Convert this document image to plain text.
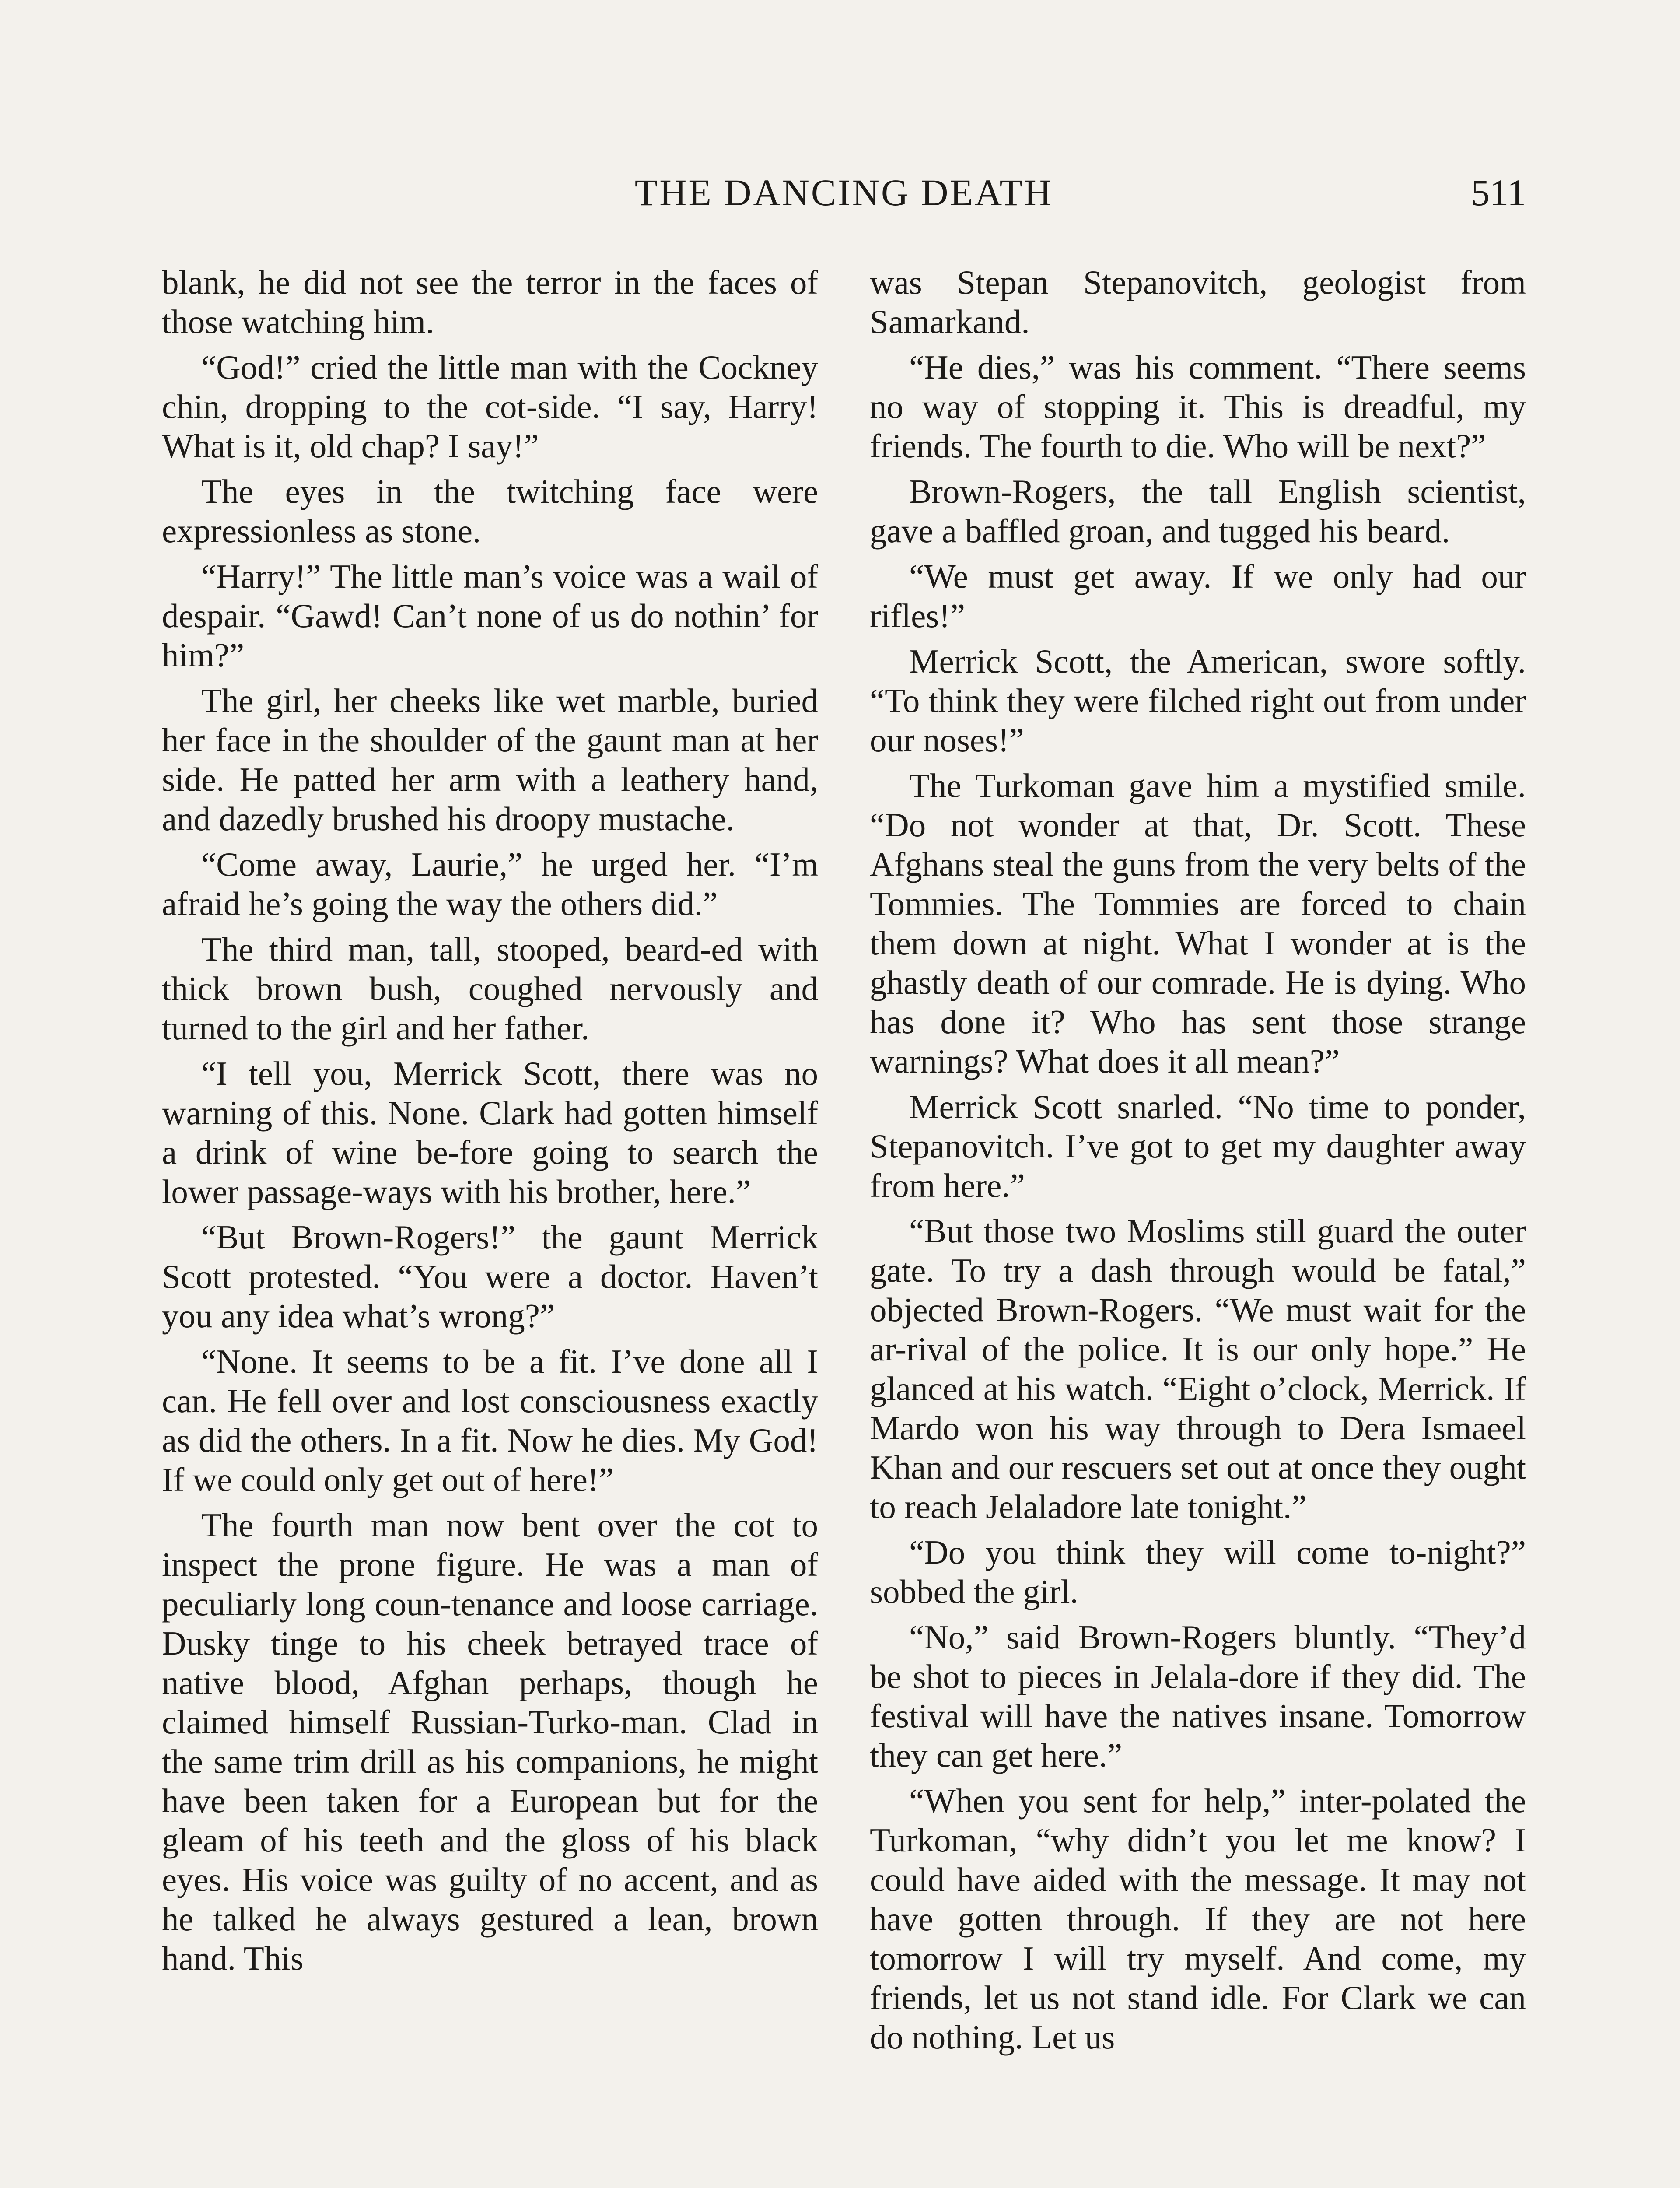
THE DANCING DEATH	511

blank, he did not see the terror in the faces of those watching him.

“God!” cried the little man with the Cockney chin, dropping to the cot-side. “I say, Harry! What is it, old chap? I say!”

The eyes in the twitching face were expressionless as stone.

“Harry!” The little man’s voice was a wail of despair. “Gawd! Can’t none of us do nothin’ for him?”

The girl, her cheeks like wet marble, buried her face in the shoulder of the gaunt man at her side. He patted her arm with a leathery hand, and dazedly brushed his droopy mustache.

“Come away, Laurie,” he urged her. “I’m afraid he’s going the way the others did.”

The third man, tall, stooped, beard-ed with thick brown bush, coughed nervously and turned to the girl and her father.

“I tell you, Merrick Scott, there was no warning of this. None. Clark had gotten himself a drink of wine be-fore going to search the lower passage-ways with his brother, here.”

“But Brown-Rogers!” the gaunt Merrick Scott protested. “You were a doctor. Haven’t you any idea what’s wrong?”

“None. It seems to be a fit. I’ve done all I can. He fell over and lost consciousness exactly as did the others. In a fit. Now he dies. My God! If we could only get out of here!”

The fourth man now bent over the cot to inspect the prone figure. He was a man of peculiarly long coun-tenance and loose carriage. Dusky tinge to his cheek betrayed trace of native blood, Afghan perhaps, though he claimed himself Russian-Turko-man. Clad in the same trim drill as his companions, he might have been taken for a European but for the gleam of his teeth and the gloss of his black eyes. His voice was guilty of no accent, and as he talked he always gestured a lean, brown hand. This

was Stepan Stepanovitch, geologist from Samarkand.

“He dies,” was his comment. “There seems no way of stopping it. This is dreadful, my friends. The fourth to die. Who will be next?”

Brown-Rogers, the tall English scientist, gave a baffled groan, and tugged his beard.

“We must get away. If we only had our rifles!”

Merrick Scott, the American, swore softly. “To think they were filched right out from under our noses!”

The Turkoman gave him a mystified smile. “Do not wonder at that, Dr. Scott. These Afghans steal the guns from the very belts of the Tommies. The Tommies are forced to chain them down at night. What I wonder at is the ghastly death of our comrade. He is dying. Who has done it? Who has sent those strange warnings? What does it all mean?”

Merrick Scott snarled. “No time to ponder, Stepanovitch. I’ve got to get my daughter away from here.”

“But those two Moslims still guard the outer gate. To try a dash through would be fatal,” objected Brown-Rogers. “We must wait for the ar-rival of the police. It is our only hope.” He glanced at his watch. “Eight o’clock, Merrick. If Mardo won his way through to Dera Ismaeel Khan and our rescuers set out at once they ought to reach Jelaladore late tonight.”

“Do you think they will come to-night?” sobbed the girl.

“No,” said Brown-Rogers bluntly. “They’d be shot to pieces in Jelala-dore if they did. The festival will have the natives insane. Tomorrow they can get here.”

“When you sent for help,” inter-polated the Turkoman, “why didn’t you let me know? I could have aided with the message. It may not have gotten through. If they are not here tomorrow I will try myself. And come, my friends, let us not stand idle. For Clark we can do nothing. Let us
